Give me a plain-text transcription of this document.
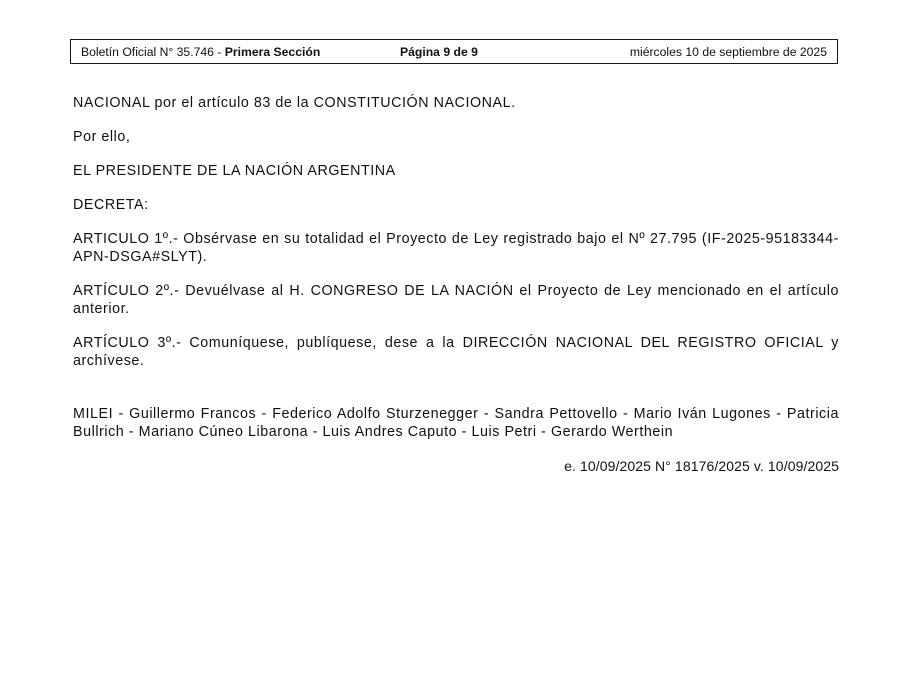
Boletín Oficial N° 35.746 - Primera Sección	Página 9 de 9	miércoles 10 de septiembre de 2025

NACIONAL por el artículo 83 de la CONSTITUCIÓN NACIONAL.

Por ello,

EL PRESIDENTE DE LA NACIÓN ARGENTINA

DECRETA:

ARTICULO 1º.- Obsérvase en su totalidad el Proyecto de Ley registrado bajo el Nº 27.795 (IF-2025-95183344-APN-DSGA#SLYT).

ARTÍCULO 2º.- Devuélvase al H. CONGRESO DE LA NACIÓN el Proyecto de Ley mencionado en el artículo anterior.

ARTÍCULO 3º.- Comuníquese, publíquese, dese a la DIRECCIÓN NACIONAL DEL REGISTRO OFICIAL y archívese.

MILEI - Guillermo Francos - Federico Adolfo Sturzenegger - Sandra Pettovello - Mario Iván Lugones - Patricia Bullrich - Mariano Cúneo Libarona - Luis Andres Caputo - Luis Petri - Gerardo Werthein

e. 10/09/2025 N° 18176/2025 v. 10/09/2025
